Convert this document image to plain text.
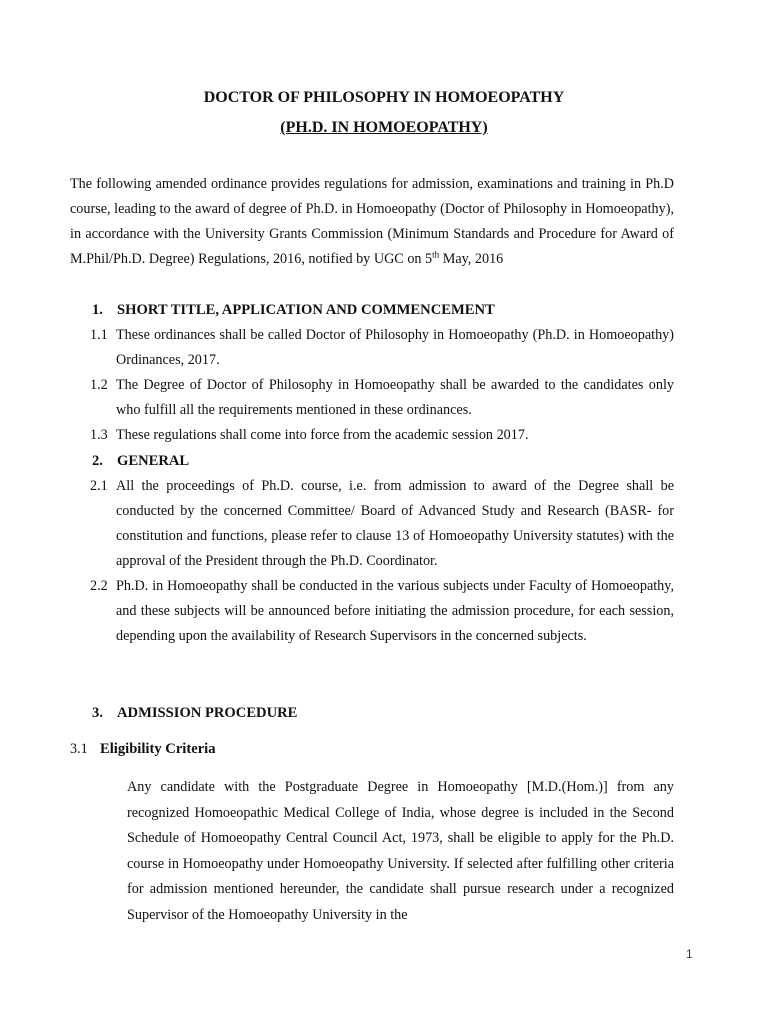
DOCTOR OF PHILOSOPHY IN HOMOEOPATHY
(PH.D. IN HOMOEOPATHY)
The following amended ordinance provides regulations for admission, examinations and training in Ph.D course, leading to the award of degree of Ph.D. in Homoeopathy (Doctor of Philosophy in Homoeopathy), in accordance with the University Grants Commission (Minimum Standards and Procedure for Award of M.Phil/Ph.D. Degree) Regulations, 2016, notified by UGC on 5th May, 2016
1. SHORT TITLE, APPLICATION AND COMMENCEMENT
1.1 These ordinances shall be called Doctor of Philosophy in Homoeopathy (Ph.D. in Homoeopathy) Ordinances, 2017.
1.2 The Degree of Doctor of Philosophy in Homoeopathy shall be awarded to the candidates only who fulfill all the requirements mentioned in these ordinances.
1.3 These regulations shall come into force from the academic session 2017.
2. GENERAL
2.1 All the proceedings of Ph.D. course, i.e. from admission to award of the Degree shall be conducted by the concerned Committee/ Board of Advanced Study and Research (BASR- for constitution and functions, please refer to clause 13 of Homoeopathy University statutes) with the approval of the President through the Ph.D. Coordinator.
2.2 Ph.D. in Homoeopathy shall be conducted in the various subjects under Faculty of Homoeopathy, and these subjects will be announced before initiating the admission procedure, for each session, depending upon the availability of Research Supervisors in the concerned subjects.
3. ADMISSION PROCEDURE
3.1 Eligibility Criteria
Any candidate with the Postgraduate Degree in Homoeopathy [M.D.(Hom.)] from any recognized Homoeopathic Medical College of India, whose degree is included in the Second Schedule of Homoeopathy Central Council Act, 1973, shall be eligible to apply for the Ph.D. course in Homoeopathy under Homoeopathy University. If selected after fulfilling other criteria for admission mentioned hereunder, the candidate shall pursue research under a recognized Supervisor of the Homoeopathy University in the
1
